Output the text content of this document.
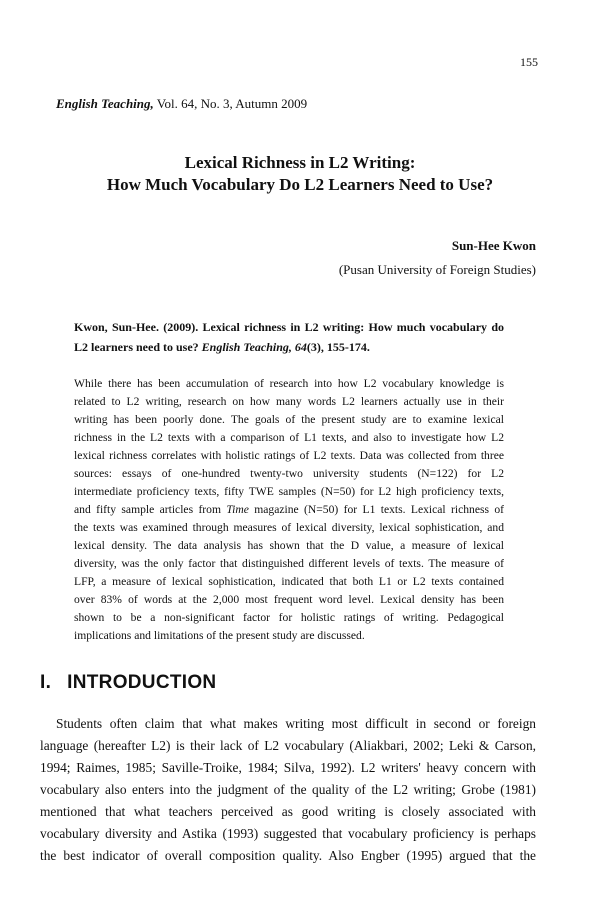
155
English Teaching, Vol. 64, No. 3, Autumn 2009
Lexical Richness in L2 Writing:
How Much Vocabulary Do L2 Learners Need to Use?
Sun-Hee Kwon
(Pusan University of Foreign Studies)
Kwon, Sun-Hee. (2009). Lexical richness in L2 writing: How much vocabulary do L2 learners need to use? English Teaching, 64(3), 155-174.
While there has been accumulation of research into how L2 vocabulary knowledge is
related to L2 writing, research on how many words L2 learners actually use in their
writing has been poorly done. The goals of the present study are to examine lexical
richness in the L2 texts with a comparison of L1 texts, and also to investigate how L2
lexical richness correlates with holistic ratings of L2 texts. Data was collected from three
sources: essays of one-hundred twenty-two university students (N=122) for L2
intermediate proficiency texts, fifty TWE samples (N=50) for L2 high proficiency texts,
and fifty sample articles from Time magazine (N=50) for L1 texts. Lexical richness of
the texts was examined through measures of lexical diversity, lexical sophistication, and
lexical density. The data analysis has shown that the D value, a measure of lexical
diversity, was the only factor that distinguished different levels of texts. The measure of
LFP, a measure of lexical sophistication, indicated that both L1 or L2 texts contained
over 83% of words at the 2,000 most frequent word level. Lexical density has been
shown to be a non-significant factor for holistic ratings of writing. Pedagogical
implications and limitations of the present study are discussed.
I. INTRODUCTION
Students often claim that what makes writing most difficult in second or foreign
language (hereafter L2) is their lack of L2 vocabulary (Aliakbari, 2002; Leki & Carson,
1994; Raimes, 1985; Saville-Troike, 1984; Silva, 1992). L2 writers' heavy concern with
vocabulary also enters into the judgment of the quality of the L2 writing; Grobe (1981)
mentioned that what teachers perceived as good writing is closely associated with
vocabulary diversity and Astika (1993) suggested that vocabulary proficiency is perhaps
the best indicator of overall composition quality. Also Engber (1995) argued that the
